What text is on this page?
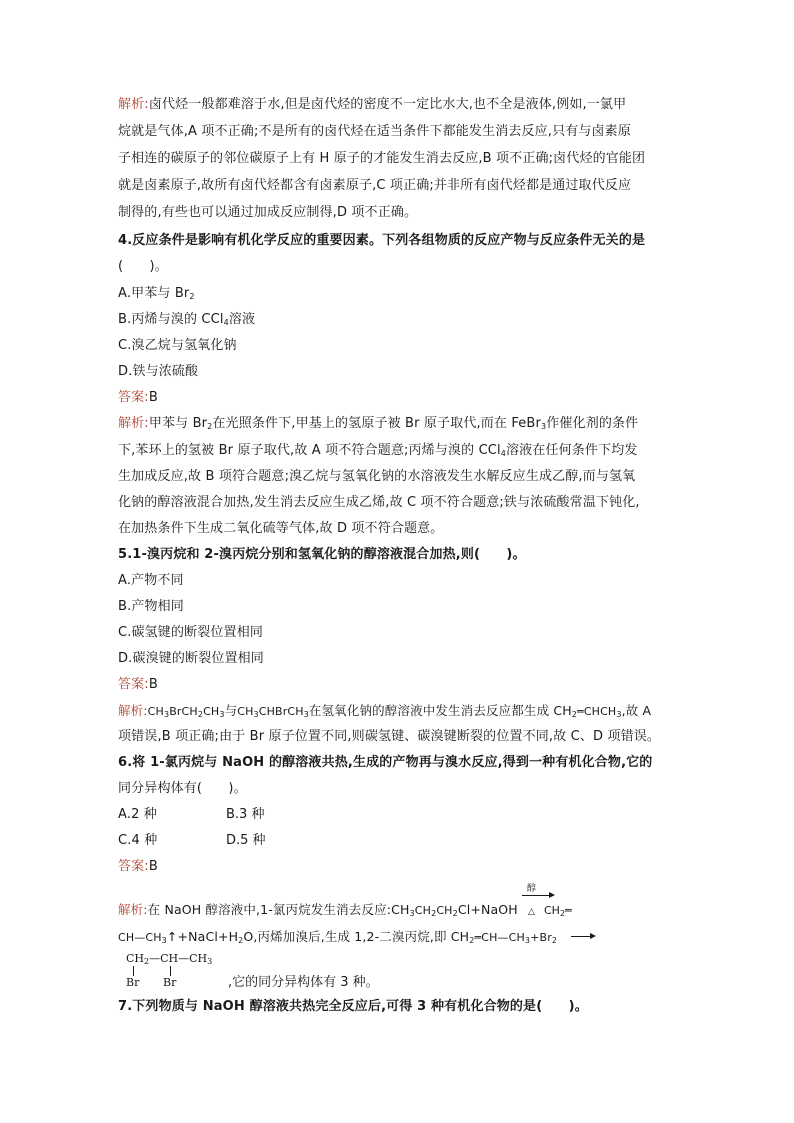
解析:卤代烃一般都难溶于水,但是卤代烃的密度不一定比水大,也不全是液体,例如,一氯甲
烷就是气体,A 项不正确;不是所有的卤代烃在适当条件下都能发生消去反应,只有与卤素原
子相连的碳原子的邻位碳原子上有 H 原子的才能发生消去反应,B 项不正确;卤代烃的官能团
就是卤素原子,故所有卤代烃都含有卤素原子,C 项正确;并非所有卤代烃都是通过取代反应
制得的,有些也可以通过加成反应制得,D 项不正确。
4.反应条件是影响有机化学反应的重要因素。下列各组物质的反应产物与反应条件无关的是
(　　)。
A.甲苯与 $Br_2$
B.丙烯与溴的 CCl$_4$溶液
C.溴乙烷与氢氧化钠
D.铁与浓硫酸
答案:B
解析:甲苯与 $Br_2$在光照条件下,甲基上的氢原子被 Br 原子取代,而在 FeBr$_3$作催化剂的条件
下,苯环上的氢被 Br 原子取代,故 A 项不符合题意;丙烯与溴的 CCl$_4$溶液在任何条件下均发
生加成反应,故 B 项符合题意;溴乙烷与氢氧化钠的水溶液发生水解反应生成乙醇,而与氢氧
化钠的醇溶液混合加热,发生消去反应生成乙烯,故 C 项不符合题意;铁与浓硫酸常温下钝化,
在加热条件下生成二氧化硫等气体,故 D 项不符合题意。
5.1-溴丙烷和 2-溴丙烷分别和氢氧化钠的醇溶液混合加热,则(　　)。
A.产物不同
B.产物相同
C.碳氢键的断裂位置相同
D.碳溴键的断裂位置相同
答案:B
解析$:CH_3BrCH_2CH_3$与$CH_3CHBrCH_3$在氢氧化钠的醇溶液中发生消去反应都生成 $CH_2═CHCH_3$,故 A
项错误,B 项正确;由于 Br 原子位置不同,则碳氢键、碳溴键断裂的位置不同,故 C、D 项错误。
6.将 1-氯丙烷与 NaOH 的醇溶液共热,生成的产物再与溴水反应,得到一种有机化合物,它的
同分异构体有(　　)。
A.2 种	B.3 种
C.4 种	D.5 种
答案:B
醇
解析:在 NaOH 醇溶液中,1-氯丙烷发生消去反应$:CH_3CH_2CH_2Cl+NaOH$ △ $CH_2═$
$CH—CH_3↑+NaCl+H_2O$,丙烯加溴后,生成 1,2-二溴丙烷,即 $CH_2═CH—CH_3+Br_2$
$CH_2—CH—CH_3$
Br Br	,它的同分异构体有 3 种。
7.下列物质与 NaOH 醇溶液共热完全反应后,可得 3 种有机化合物的是(　　)。
